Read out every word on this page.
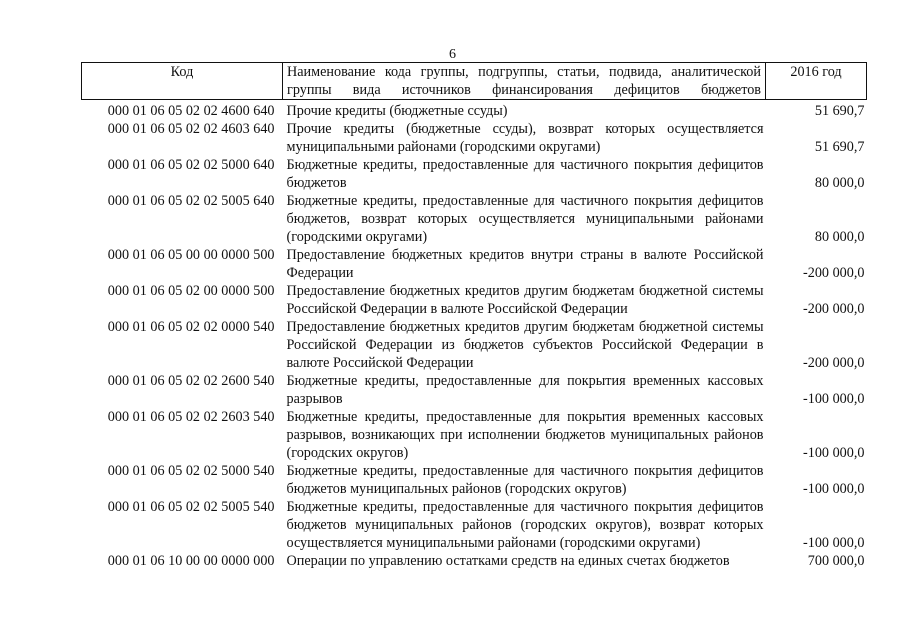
6
Код	Наименование кода группы, подгруппы, статьи, подвида, аналитической группы вида источников финансирования дефицитов бюджетов	2016 год
000 01 06 05 02 02 4600 640	Прочие кредиты (бюджетные ссуды)	51 690,7
000 01 06 05 02 02 4603 640	Прочие кредиты (бюджетные ссуды), возврат которых осуществляется муниципальными районами (городскими округами)	51 690,7
000 01 06 05 02 02 5000 640	Бюджетные кредиты, предоставленные для частичного покрытия дефицитов бюджетов	80 000,0
000 01 06 05 02 02 5005 640	Бюджетные кредиты, предоставленные для частичного покрытия дефицитов бюджетов, возврат которых осуществляется муниципальными районами (городскими округами)	80 000,0
000 01 06 05 00 00 0000 500	Предоставление бюджетных кредитов внутри страны в валюте Российской Федерации	-200 000,0
000 01 06 05 02 00 0000 500	Предоставление бюджетных кредитов другим бюджетам бюджетной системы Российской Федерации в валюте Российской Федерации	-200 000,0
000 01 06 05 02 02 0000 540	Предоставление бюджетных кредитов другим бюджетам бюджетной системы Российской Федерации из бюджетов субъектов Российской Федерации в валюте Российской Федерации	-200 000,0
000 01 06 05 02 02 2600 540	Бюджетные кредиты, предоставленные для покрытия временных кассовых разрывов	-100 000,0
000 01 06 05 02 02 2603 540	Бюджетные кредиты, предоставленные для покрытия временных кассовых разрывов, возникающих при исполнении бюджетов муниципальных районов (городских округов)	-100 000,0
000 01 06 05 02 02 5000 540	Бюджетные кредиты, предоставленные для частичного покрытия дефицитов бюджетов муниципальных районов (городских округов)	-100 000,0
000 01 06 05 02 02 5005 540	Бюджетные кредиты, предоставленные для частичного покрытия дефицитов бюджетов муниципальных районов (городских округов), возврат которых осуществляется муниципальными районами (городскими округами)	-100 000,0
000 01 06 10 00 00 0000 000	Операции по управлению остатками средств на единых счетах бюджетов	700 000,0
